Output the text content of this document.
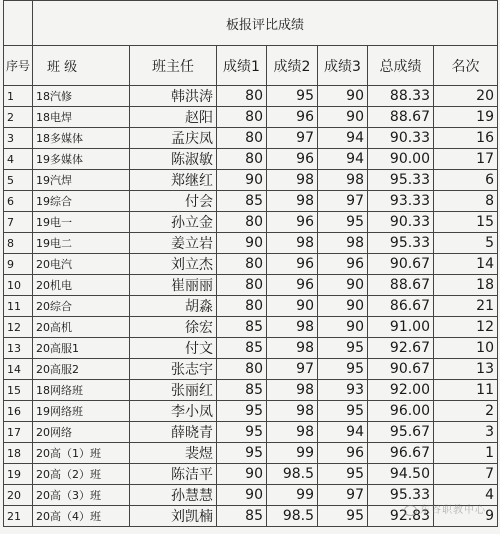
	板报评比成绩						
序号	班 级	班主任	成绩1	成绩2	成绩3	总成绩	名次
1	18汽修	韩洪涛	80	95	90	88.33	20
2	18电焊	赵阳	80	96	90	88.67	19
3	18多媒体	孟庆凤	80	97	94	90.33	16
4	19多媒体	陈淑敏	80	96	94	90.00	17
5	19汽焊	郑继红	90	98	98	95.33	6
6	19综合	付会	85	98	97	93.33	8
7	19电一	孙立金	80	96	95	90.33	15
8	19电二	姜立岩	90	98	98	95.33	5
9	20电汽	刘立杰	80	96	96	90.67	14
10	20机电	崔丽丽	80	96	90	88.67	18
11	20综合	胡淼	80	90	90	86.67	21
12	20高机	徐宏	85	98	90	91.00	12
13	20高服1	付文	85	98	95	92.67	10
14	20高服2	张志宇	80	97	95	90.67	13
15	18网络班	张丽红	85	98	93	92.00	11
16	19网络班	李小凤	95	98	95	96.00	2
17	20网络	薛晓青	95	98	94	95.67	3
18	20高（1）班	裴煜	95	99	96	96.67	1
19	20高（2）班	陈洁平	90	98.5	95	94.50	7
20	20高（3）班	孙慧慧	90	99	97	95.33	4
21	20高（4）班	刘凯楠	85	98.5	95	92.83	9
东谷职教中心
